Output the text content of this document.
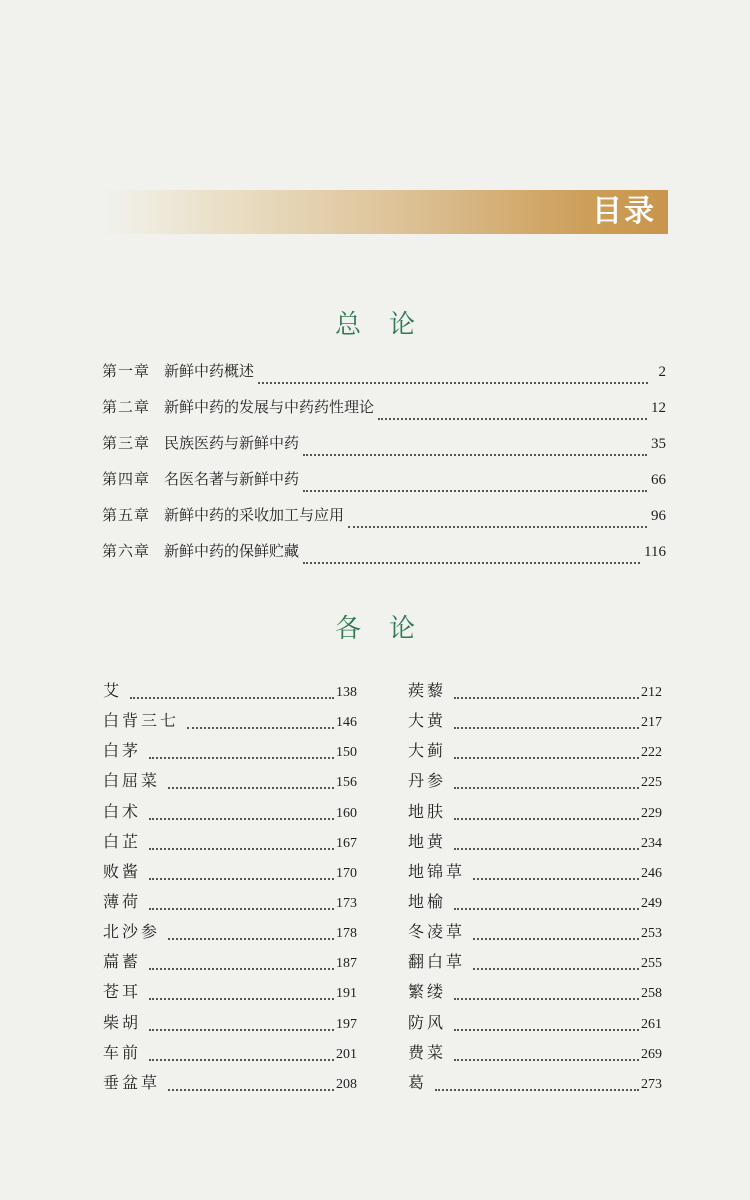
目录
总论
第一章 新鲜中药概述	2
第二章 新鲜中药的发展与中药药性理论	12
第三章 民族医药与新鲜中药	35
第四章 名医名著与新鲜中药	66
第五章 新鲜中药的采收加工与应用	96
第六章 新鲜中药的保鲜贮藏	116
各论
艾	138
白背三七	146
白茅	150
白屈菜	156
白术	160
白芷	167
败酱	170
薄荷	173
北沙参	178
萹蓄	187
苍耳	191
柴胡	197
车前	201
垂盆草	208
蒺藜	212
大黄	217
大蓟	222
丹参	225
地肤	229
地黄	234
地锦草	246
地榆	249
冬凌草	253
翻白草	255
繁缕	258
防风	261
费菜	269
葛	273
